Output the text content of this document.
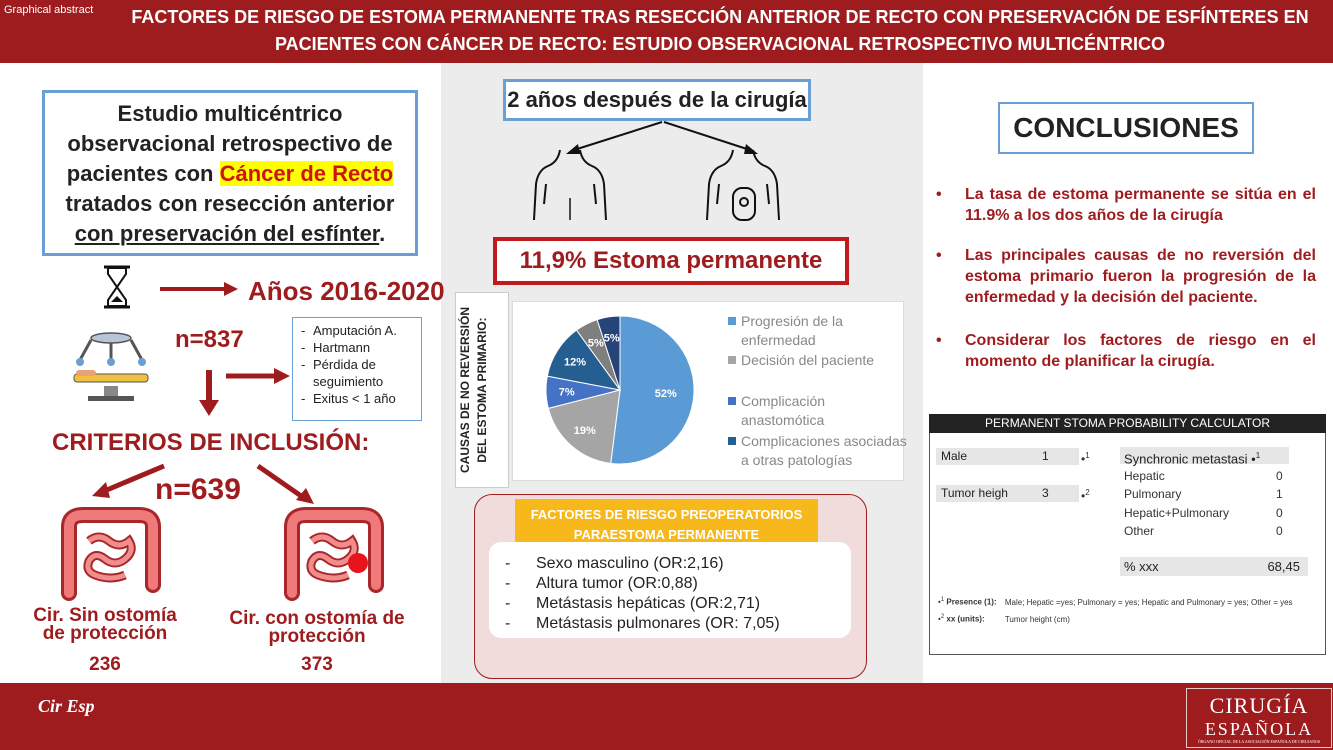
Graphical abstract	FACTORES DE RIESGO DE ESTOMA PERMANENTE TRAS RESECCIÓN ANTERIOR DE RECTO CON PRESERVACIÓN DE ESFÍNTERES EN
PACIENTES CON CÁNCER DE RECTO: ESTUDIO OBSERVACIONAL RETROSPECTIVO MULTICÉNTRICO
Estudio multicéntrico
observacional retrospectivo de
pacientes con Cáncer de Recto
tratados con resección anterior
con preservación del esfínter.
Años 2016-2020
n=837	- Amputación A.
- Hartmann
- Pérdida de seguimiento
- Exitus < 1 año
CRITERIOS DE INCLUSIÓN:
n=639
Cir. Sin ostomía
de protección
236
Cir. con ostomía de
protección
373
2 años después de la cirugía
11,9% Estoma permanente
CAUSAS DE NO REVERSIÓN DEL ESTOMA PRIMARIO:	52%
19%
7%
12%
5% 5%
Progresión de la
enfermedad
Decisión del paciente
Complicación
anastomótica
Complicaciones asociadas
a otras patologías
FACTORES DE RIESGO PREOPERATORIOS
PARAESTOMA PERMANENTE
- Sexo masculino (OR:2,16)
- Altura tumor (OR:0,88)
- Metástasis hepáticas (OR:2,71)
- Metástasis pulmonares (OR: 7,05)
CONCLUSIONES
• La tasa de estoma permanente se sitúa en el 11.9% a los dos años de la cirugía
• Las principales causas de no reversión del estoma primario fueron la progresión de la enfermedad y la decisión del paciente.
• Considerar los factores de riesgo en el momento de planificar la cirugía.
PERMANENT STOMA PROBABILITY CALCULATOR
Male	1	•$^1$
Tumor heigh	3	•$^2$
Synchronic metastasi •$^1$
Hepatic	0
Pulmonary	1
Hepatic+Pulmonary	0
Other	0
% xxx	68,45
•$^1$ Presence (1): Male; Hepatic =yes; Pulmonary = yes; Hepatic and Pulmonary = yes; Other = yes
•$^2$ xx (units):	Tumor height (cm)
Cir Esp	CIRUGÍA
ESPAÑOLA
ÓRGANO OFICIAL DE LA ASOCIACIÓN ESPAÑOLA DE CIRUJANOS
